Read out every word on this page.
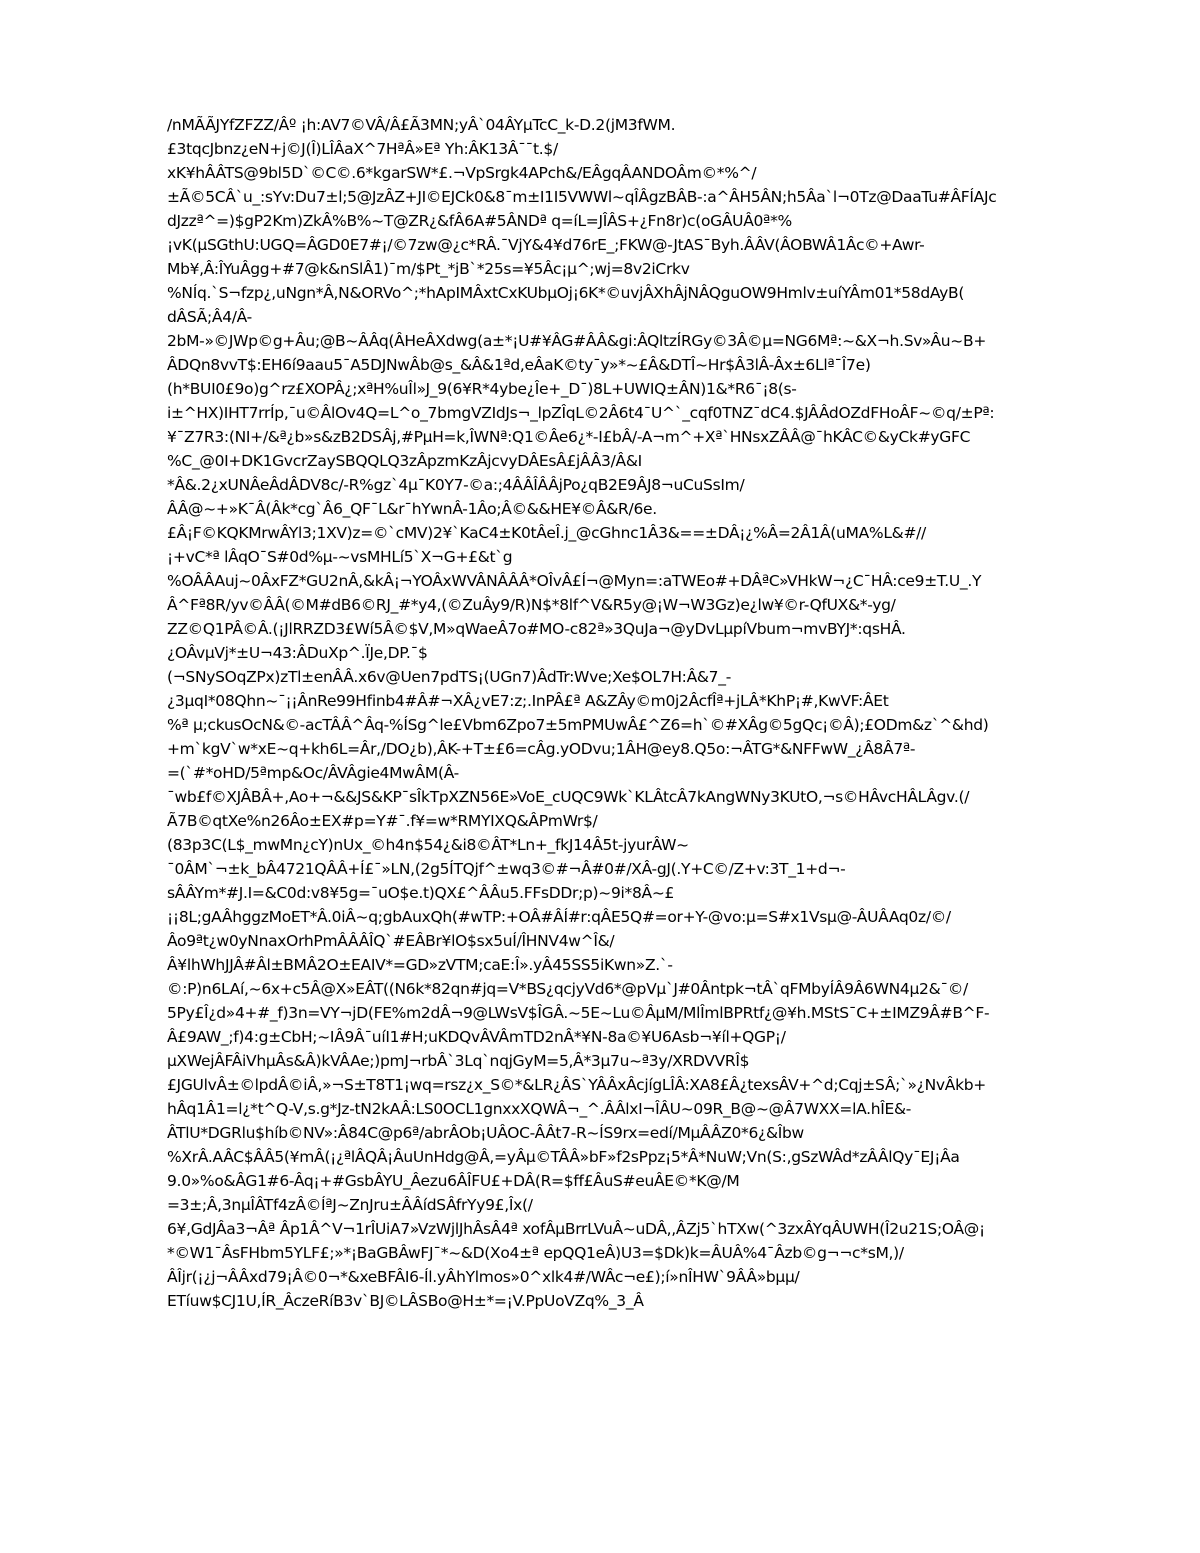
/nMÃÃJYfZFZZ/Âº ¡h:AV7©VÂ/Â£Ã3MN;yÂ`04ÂYµTcC_k-D.2(jM3fWM.
£3tqcJbnz¿eN+j©J(Î)LÎÂaX^7HªÂ»Eª Yh:ÂK13Â¯¯t.$/
xK¥hÂÂTS@9bl5D`©C©.6*kgarSW*£.¬VpSrgk4APch&/EÂgqÂANDOÂm©*%^/
±Ã©5CÂ`u_:sYv:Du7±l;5@JzÂZ+JI©EJCk0&8¯m±I1I5VWWl~qÎÂgzBÂB-:a^ÂH5ÂN;h5Âa`l¬0Tz@DaaTu#ÂFÍAJc
dJzzª^=)$gP2Km)ZkÂ%B%~T@ZR¿&fÂ6A#5ÂNDª q=íL=JÎÂS+¿Fn8r)c(oGÂUÂ0ª*%
¡vK(µSGthU:UGQ=ÂGD0E7#¡/©7zw@¿c*RÂ.¯VjY&4¥d76rE_;FKW@-JtAS¯Byh.ÂÂV(ÂOBWÂ1Âc©+Awr-
Mb¥,Â:ÎYuÂgg+#7@k&nSlÂ1)¯m/$Pt_*jB`*25s=¥5Âc¡µ^;wj=8v2iCrkv
%NÍq.`S¬fzp¿,uNgn*Â,N&ORVo^;*hApIMÂxtCxKUbµOj¡6K*©uvjÂXhÂjNÂQguOW9Hmlv±uíYÂm01*58dAyB(
dÂSÃ;Â4/Â-
2bM-»©JWp©g+Âu;@B~ÂÂq(ÂHeÂXdwg(a±*¡U#¥ÂG#ÂÂ&gi:ÂQltzÍRGy©3Â©µ=NG6Mª:~&X¬h.Sv»Âu~B+
ÂDQn8vvT$:EH6í9aau5¯A5DJNwÂb@s_&Â&1ªd,eÂaK©ty¯y»*~£Â&DTÎ~Hr$Â3lÂ-Âx±6Llª¯Î7e)
(h*BUI0£9o)g^rz£XOPÂ¿;xªH%uÎl»J_9(6¥R*4ybe¿Îe+_D¯)8L+UWIQ±ÂN)1&*R6¯¡8(s-
i±^HX)IHT7rrÍp,¯u©ÂlOv4Q=L^o_7bmgVZIdJs¬_lpZÎqL©2Â6t4¯U^`_cqf0TNZ¯dC4.$JÂÂdOZdFHoÂF~©q/±Pª:
¥¯Z7R3:(NI+/&ª¿b»s&zB2DSÂj,#PµH=k,ÎWNª:Q1©Âe6¿*-I£bÂ/-A¬m^+Xª`HNsxZÂÂ@¯hKÂC©&yCk#yGFC
%C_@0I+DK1GvcrZaySBQQLQ3zÂpzmKzÂjcvyDÂEsÂ£jÂÂ3/Â&I
*Â&.2¿xUNÂeÂdÂDV8c/-R%gz`4µ¯K0Y7-©a:;4ÂÂÎÂÂjPo¿qB2E9ÂJ8¬uCuSsIm/
ÂÂ@~+»K¯Â(Âk*cg`Â6_QF¯L&r¯hYwnÂ-1Âo;Â©&&HE¥©Â&R/6e.
£Â¡F©KQKMrwÂYl3;1XV)z=©`cMV)2¥`KaC4±K0tÂeÎ.j_@cGhnc1Â3&==±DÂ¡¿%Â=2Â1Â(uMA%L&#//
¡+vC*ª lÂqO¯S#0d%µ-~vsMHLí5`X¬G+£&t`g
%OÂÂAuj~0ÂxFZ*GU2nÂ,&kÂ¡¬YOÂxWVÂNÂÂÂ*OÎvÂ£Í¬@Myn=:aTWEo#+DÂªC»VHkW¬¿C¯HÂ:ce9±T.U_.Y
Â^Fª8R/yv©ÂÂ(©M#dB6©RJ_#*y4,(©ZuÂy9/R)N$*8lf^V&R5y@¡W¬W3Gz)e¿lw¥©r-QfUX&*-yg/
ZZ©Q1PÂ©Â.(¡JlRRZD3£Wí5Â©$V,M»qWaeÂ7o#MO-c82ª»3QuJa¬@yDvLµpíVbum¬mvBYJ*:qsHÂ.
¿OÂvµVj*±U¬43:ÂDuXp^.ÏJe,DP.¯$
(¬SNySOqZPx)zTl±enÂÂ.x6v@Uen7pdTS¡(UGn7)ÂdTr:Wve;Xe$OL7H:Â&7_-
¿3µqI*08Qhn~¯¡¡ÂnRe99Hfinb4#Â#¬XÂ¿vE7:z;.InPÂ£ª A&ZÂy©m0j2ÂcfÎª+jLÂ*KhP¡#,KwVF:ÂEt
%ª µ;ckusOcN&©-acTÂÂ^Âq-%ÍSg^le£Vbm6Zpo7±5mPMUwÂ£^Z6=h`©#XÂg©5gQc¡©Â);£ODm&z`^&hd)
+m`kgV`w*xE~q+kh6L=Âr,/DO¿b),ÂK-+T±£6=cÂg.yODvu;1ÂH@ey8.Q5o:¬ÂTG*&NFFwW_¿Â8Â7ª-
=(`#*oHD/5ªmp&Oc/ÂVÂgie4MwÂM(Â-
¯wb£f©XJÂBÂ+,Ao+¬&&JS&KP¯sÎkTpXZN56E»VoE_cUQC9Wk`KLÂtcÂ7kAngWNy3KUtO,¬s©HÂvcHÂLÂgv.(/
Ã7B©qtXe%n26Âo±EX#p=Y#¯.f¥=w*RMYIXQ&ÂPmWr$/
(83p3C(L$_mwMn¿cY)nUx_©h4n$54¿&i8©ÂT*Ln+_fkJ14Â5t-jyurÂW~
¯0ÂM`¬±k_bÂ4721QÂÂ+Í£¯»LN,(2g5ÍTQjf^±wq3©#¬Â#0#/XÂ-gJ(.Y+C©/Z+v:3T_1+d¬-
sÂÂYm*#J.I=&C0d:v8¥5g=¯uO$e.t)QX£^ÂÂu5.FFsDDr;p)~9i*8Â~£
¡¡8L;gAÂhggzMoET*Â.0iÂ~q;gbAuxQh(#wTP:+OÂ#ÂÍ#r:qÂE5Q#=or+Y-@vo:µ=S#x1Vsµ@-ÂUÂAq0z/©/
Âo9ªt¿w0yNnaxOrhPmÂÂÂÎQ`#EÂBr¥lO$sx5uÍ/ÎHNV4w^Î&/
Â¥lhWhJJÂ#Âl±BMÂ2O±EAIV*=GD»zVTM;caE:Î».yÂ45SS5iKwn»Z.`-
©:P)n6LAí,~6x+c5Â@X»EÂT((N6k*82qn#jq=V*BS¿qcjyVd6*@pVµ`J#0Ântpk¬tÂ`qFMbyÍÂ9Â6WN4µ2&¯©/
5Py£Î¿d»4+#_f)3n=VY¬jD(FE%m2dÂ¬9@LWsV$ÎGÂ.~5E~Lu©ÂµM/MlÎmlBPRtf¿@¥h.MStS¯C+±IMZ9Â#B^F-
Â£9AW_;f)4:g±CbH;~IÂ9Â¯uíI1#H;uKDQvÂVÂmTD2nÂ*¥N-8a©¥U6Asb¬¥íl+QGP¡/
µXWejÂFÂiVhµÂs&Â)kVÂAe;)pmJ¬rbÂ`3Lq`nqjGyM=5,Â*3µ7u~ª3y/XRDVVRÎ$
£JGUlvÂ±©lpdÂ©iÂ,»¬S±T8T1¡wq=rsz¿x_S©*&LR¿ÂS`YÂÂxÂcjígLÎÂ:XA8£Â¿texsÂV+^d;Cqj±SÂ;`»¿NvÂkb+
hÂq1Â1=l¿*t^Q-V,s.g*Jz-tN2kAÂ:LS0OCL1gnxxXQWÂ¬_^.ÂÂlxI¬ÎÂU~09R_B@~@Â7WXX=lA.hÎE&-
ÂTlU*DGRlu$híb©NV»:Â84C@p6ª/abrÂOb¡UÂOC-ÂÂt7-R~ÍS9rx=edí/MµÂÂZ0*6¿&Îbw
%XrÂ.AÂC$ÂÂ5(¥mÂ(¡¿ªlÂQÂ¡ÂuUnHdg@Â,=yÂµ©TÂÂ»bF»f2sPpz¡5*Â*NuW;Vn(S:,gSzWÂd*zÂÂlQy¯EJ¡Âa
9.0»%o&ÂG1#6-Âq¡+#GsbÂYU_Âezu6ÂÎFU£+DÂ(R=$ff£ÂuS#euÂE©*K@/M
=3±;Â,3nµÎÂTf4zÂ©ÍªJ~ZnJru±ÂÂídSÂfrYy9£,Îx(/
6¥,GdJÂa3¬Âª Âp1Â^V¬1rÎUiA7»VzWjlJhÂsÂ4ª xofÂµBrrLVuÂ~uDÂ,,ÂZj5`hTXw(^3zxÂYqÂUWH(Î2u21S;OÂ@¡
*©W1¯ÂsFHbm5YLF£;»*¡BaGBÂwFJ¯*~&D(Xo4±ª epQQ1eÂ)U3=$Dk)k=ÂUÂ%4¯Âzb©g¬¬c*sM,)/
ÂÎjr(¡¿j¬ÂÂxd79¡Â©0¬*&xeBFÂI6-Íl.yÂhYlmos»0^xlk4#/WÂc¬e£);í»nÎHW`9ÂÂ»bµµ/
ETíuw$CJ1U,ÍR_ÂczeRíB3v`BJ©LÂSBo@H±*=¡V.PpUoVZq%_3_Â
